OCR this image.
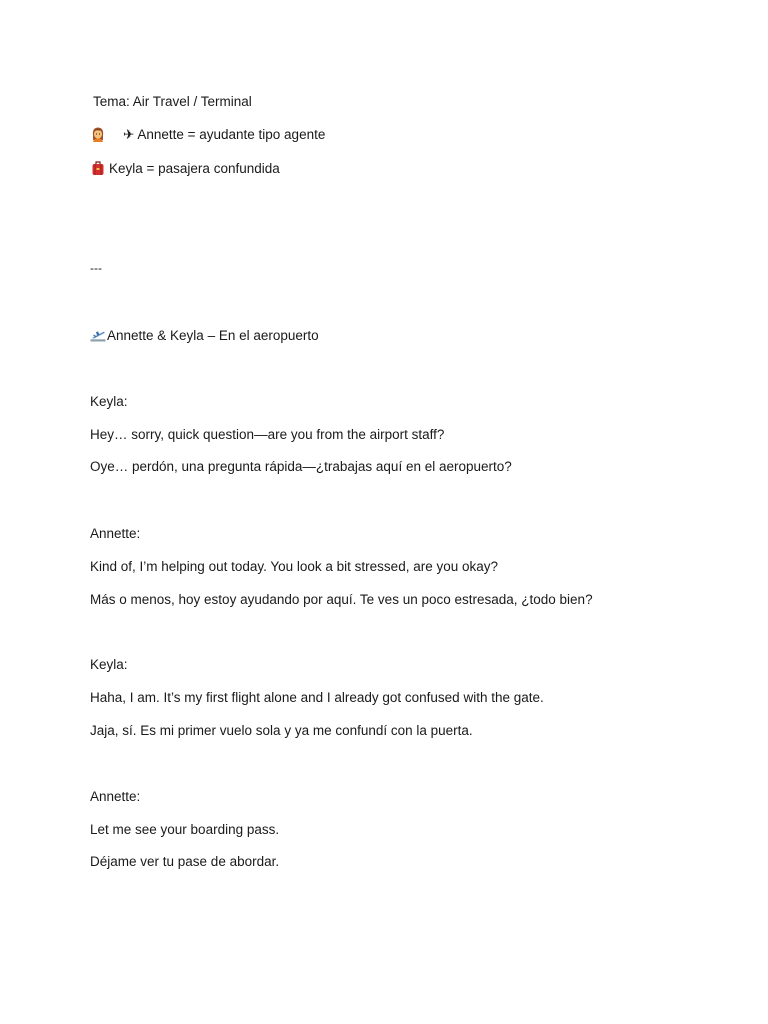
Tema: Air Travel / Terminal
✈ Annette = ayudante tipo agente
Keyla = pasajera confundida
---
Annette & Keyla – En el aeropuerto
Keyla:
Hey… sorry, quick question—are you from the airport staff?
Oye… perdón, una pregunta rápida—¿trabajas aquí en el aeropuerto?
Annette:
Kind of, I’m helping out today. You look a bit stressed, are you okay?
Más o menos, hoy estoy ayudando por aquí. Te ves un poco estresada, ¿todo bien?
Keyla:
Haha, I am. It’s my first flight alone and I already got confused with the gate.
Jaja, sí. Es mi primer vuelo sola y ya me confundí con la puerta.
Annette:
Let me see your boarding pass.
Déjame ver tu pase de abordar.
